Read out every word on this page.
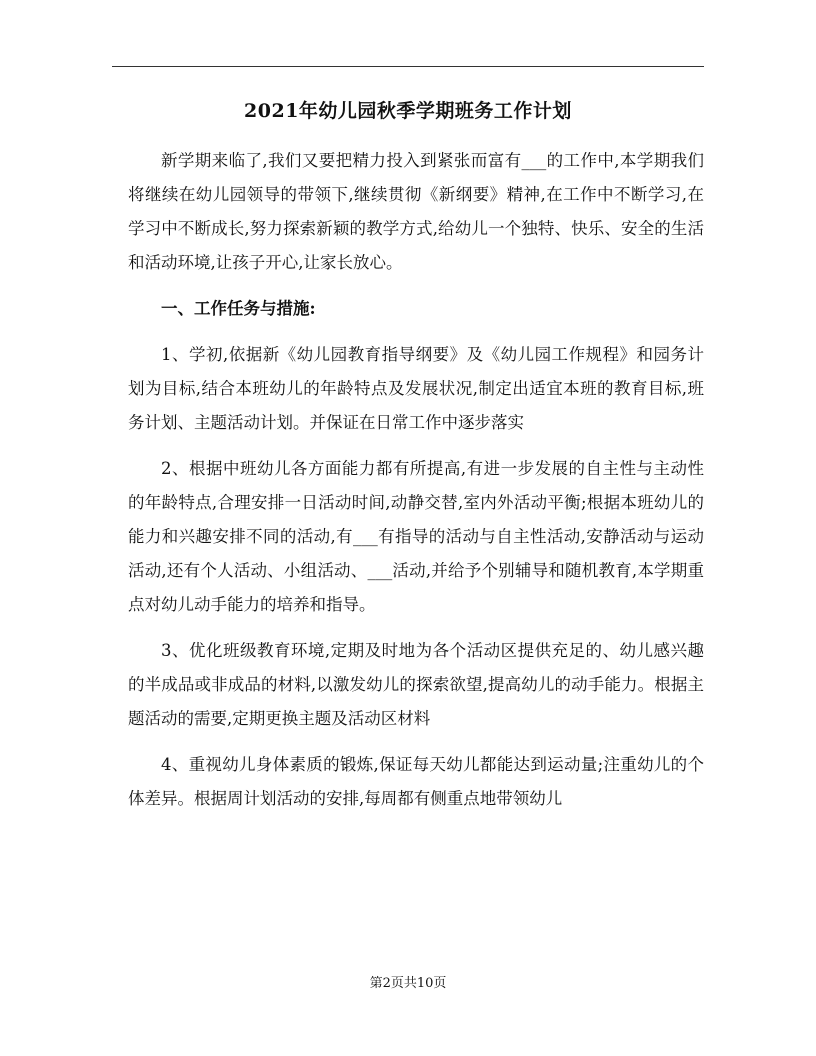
2021年幼儿园秋季学期班务工作计划

新学期来临了,我们又要把精力投入到紧张而富有___的工作中,本学期我们将继续在幼儿园领导的带领下,继续贯彻《新纲要》精神,在工作中不断学习,在学习中不断成长,努力探索新颖的教学方式,给幼儿一个独特、快乐、安全的生活和活动环境,让孩子开心,让家长放心。

一、工作任务与措施:

1、学初,依据新《幼儿园教育指导纲要》及《幼儿园工作规程》和园务计划为目标,结合本班幼儿的年龄特点及发展状况,制定出适宜本班的教育目标,班务计划、主题活动计划。并保证在日常工作中逐步落实

2、根据中班幼儿各方面能力都有所提高,有进一步发展的自主性与主动性的年龄特点,合理安排一日活动时间,动静交替,室内外活动平衡;根据本班幼儿的能力和兴趣安排不同的活动,有___有指导的活动与自主性活动,安静活动与运动活动,还有个人活动、小组活动、___活动,并给予个别辅导和随机教育,本学期重点对幼儿动手能力的培养和指导。

3、优化班级教育环境,定期及时地为各个活动区提供充足的、幼儿感兴趣的半成品或非成品的材料,以激发幼儿的探索欲望,提高幼儿的动手能力。根据主题活动的需要,定期更换主题及活动区材料

4、重视幼儿身体素质的锻炼,保证每天幼儿都能达到运动量;注重幼儿的个体差异。根据周计划活动的安排,每周都有侧重点地带领幼儿

第2页共10页
